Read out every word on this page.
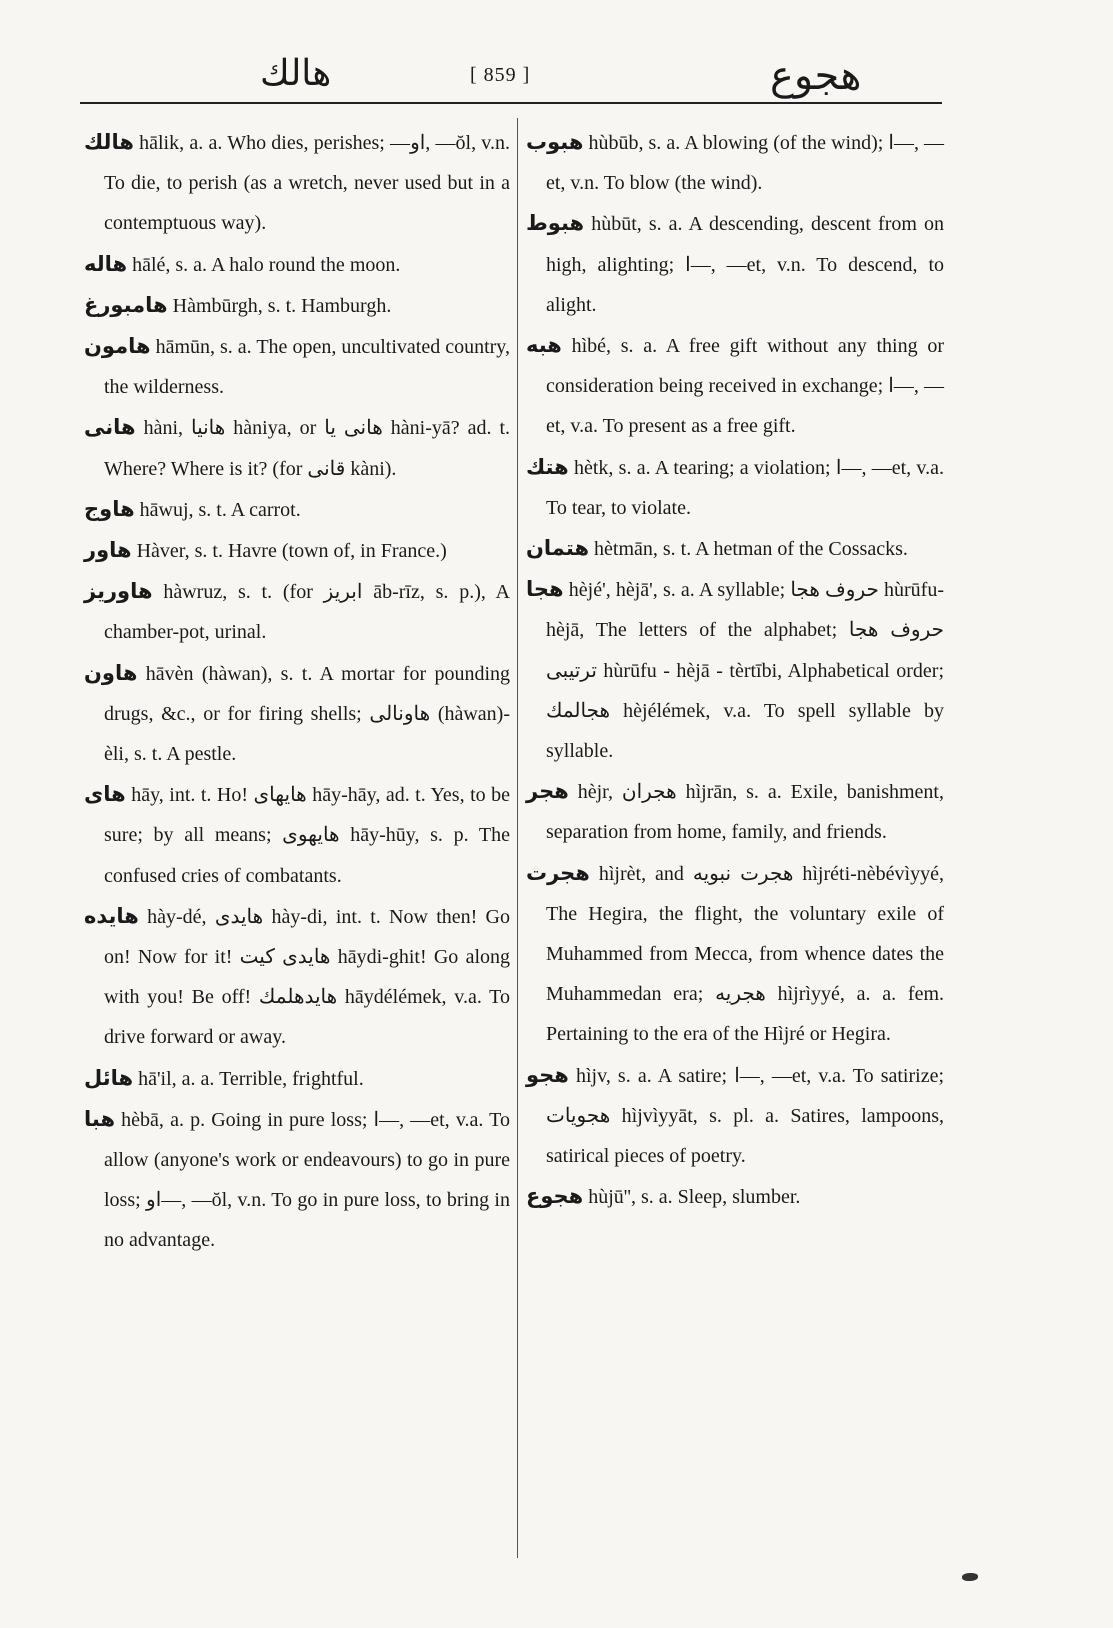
هالك	[ 859 ]	هجوع

هالك hālik, a. a. Who dies, perishes; —او, —ŏl, v.n. To die, to perish (as a wretch, never used but in a contemptuous way).

هاله hālé, s. a. A halo round the moon.

هامبورغ Hàmbūrgh, s. t. Hamburgh.

هامون hāmūn, s. a. The open, uncultivated country, the wilderness.

هانی hàni, هانیا hàniya, or هانی یا hàni-yā? ad. t. Where? Where is it? (for قانی kàni).

هاوج hāwuj, s. t. A carrot.

هاور Hàver, s. t. Havre (town of, in France.)

هاوریز hàwruz, s. t. (for ابریز āb-rīz, s. p.), A chamber-pot, urinal.

هاون hāvèn (hàwan), s. t. A mortar for pounding drugs, &c., or for firing shells; هاونالی (hàwan)-èli, s. t. A pestle.

های hāy, int. t. Ho! هایهای hāy-hāy, ad. t. Yes, to be sure; by all means; هایهوی hāy-hūy, s. p. The confused cries of combatants.

هایده hày-dé, هایدی hày-di, int. t. Now then! Go on! Now for it! هایدی کیت hāydi-ghit! Go along with you! Be off! هایدهلمك hāydélémek, v.a. To drive forward or away.

هائل hā'il, a. a. Terrible, frightful.

هبا hèbā, a. p. Going in pure loss; ا—, —et, v.a. To allow (anyone's work or endeavours) to go in pure loss; او—, —ŏl, v.n. To go in pure loss, to bring in no advantage.

هبوب hùbūb, s. a. A blowing (of the wind); ا—, —et, v.n. To blow (the wind).

هبوط hùbūt, s. a. A descending, descent from on high, alighting; ا—, —et, v.n. To descend, to alight.

هبه hìbé, s. a. A free gift without any thing or consideration being received in exchange; ا—, —et, v.a. To present as a free gift.

هتك hètk, s. a. A tearing; a violation; ا—, —et, v.a. To tear, to violate.

هتمان hètmān, s. t. A hetman of the Cossacks.

هجا hèjé', hèjā', s. a. A syllable; حروف هجا hùrūfu-hèjā, The letters of the alphabet; حروف هجا ترتیبی hùrūfu - hèjā - tèrtībi, Alphabetical order; هجالمك hèjélémek, v.a. To spell syllable by syllable.

هجر hèjr, هجران hìjrān, s. a. Exile, banishment, separation from home, family, and friends.

هجرت hìjrèt, and هجرت نبویه hìjréti-nèbévìyyé, The Hegira, the flight, the voluntary exile of Muhammed from Mecca, from whence dates the Muhammedan era; هجریه hìjrìyyé, a. a. fem. Pertaining to the era of the Hìjré or Hegira.

هجو hìjv, s. a. A satire; ا—, —et, v.a. To satirize; هجویات hìjvìyyāt, s. pl. a. Satires, lampoons, satirical pieces of poetry.

هجوع hùjū'', s. a. Sleep, slumber.
